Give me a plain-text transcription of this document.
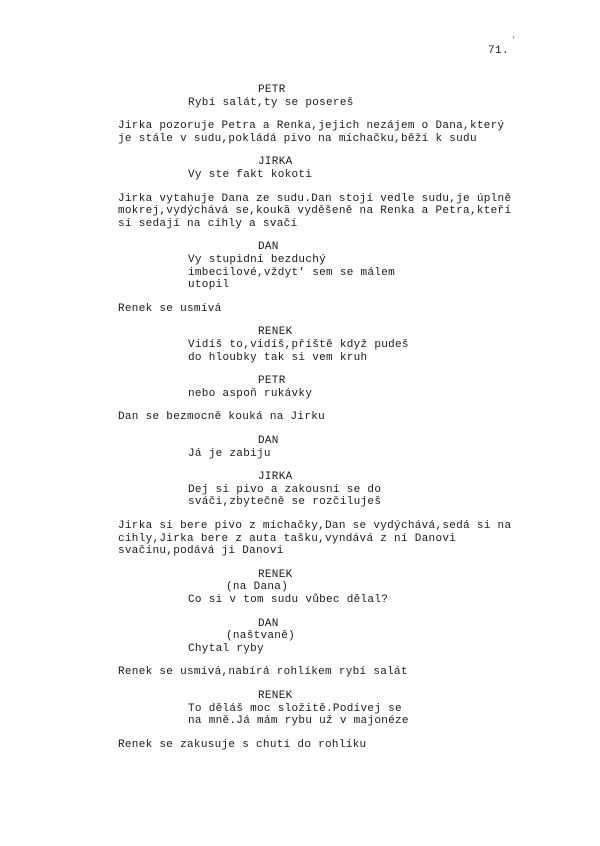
71.
'
PETR
Rybí salát,ty se posereš
Jirka pozoruje Petra a Renka,jejich nezájem o Dana,který
je stále v sudu,pokládá pivo na míchačku,běží k sudu
JIRKA
Vy ste fakt kokoti
Jirka vytahuje Dana ze sudu.Dan stojí vedle sudu,je úplně
mokrej,vydýchává se,koukă vyděšeně na Renka a Petra,kteří
si sedají na cihly a svačí
DAN
Vy stupidní bezduchý
imbecilové,vždyt' sem se málem
utopil
Renek se usmívá
RENEK
Vidíš to,vidíš,příště když pudeš
do hloubky tak si vem kruh
PETR
nebo aspoň rukávky
Dan se bezmocně kouká na Jirku
DAN
Já je zabiju
JIRKA
Dej si pivo a zakousni se do
sváči,zbytečně se rozčiluješ
Jirka si bere pivo z míchačky,Dan se vydýchává,sedá si na
cihly,Jirka bere z auta tašku,vyndává z ní Danovi
svačinu,podává ji Danovi
RENEK
(na Dana)
Co si v tom sudu vůbec dělal?
DAN
(naštvaně)
Chytal ryby
Renek se usmívá,nabírá rohlíkem rybí salát
RENEK
To děláš moc složitě.Podívej se
na mně.Já mám rybu už v majonéze
Renek se zakusuje s chutí do rohlíku
